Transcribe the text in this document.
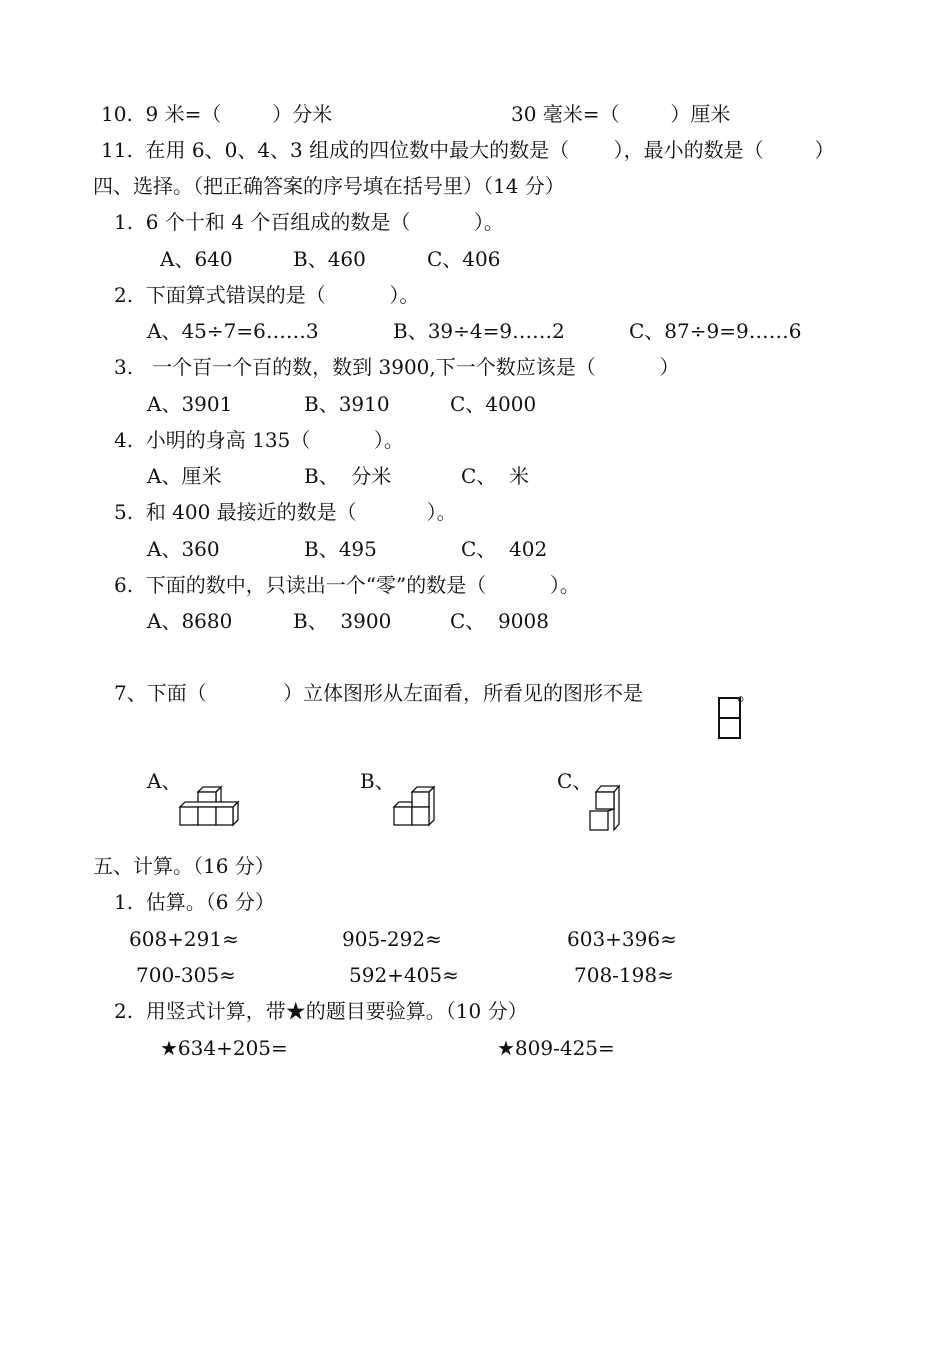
10.  9 米=（        ）分米	30 毫米=（        ）厘米
11.  在用 6、0、4、3 组成的四位数中最大的数是（       ），最小的数是（        ）
四、选择。（把正确答案的序号填在括号里）（14 分）
1.  6 个十和 4 个百组成的数是（          ）。
A、640	B、460	C、406
2.  下面算式错误的是（          ）。
A、45÷7=6……3	B、39÷4=9……2	C、87÷9=9……6
3.   一个百一个百的数，数到 3900,下一个数应该是（          ）
A、3901	B、3910	C、4000
4.  小明的身高 135（          ）。
A、厘米	B、  分米	C、  米
5.  和 400 最接近的数是（           ）。
A、360	B、495	C、  402
6.  下面的数中，只读出一个“零”的数是（          ）。
A、8680	B、  3900	C、  9008
7、下面（            ）立体图形从左面看，所看见的图形不是	。
A、	B、	C、
五、计算。（16 分）
1.  估算。（6 分）
608+291≈	905-292≈	603+396≈
700-305≈	592+405≈	708-198≈
2.  用竖式计算，带★的题目要验算。（10 分）
★634+205=	★809-425=
